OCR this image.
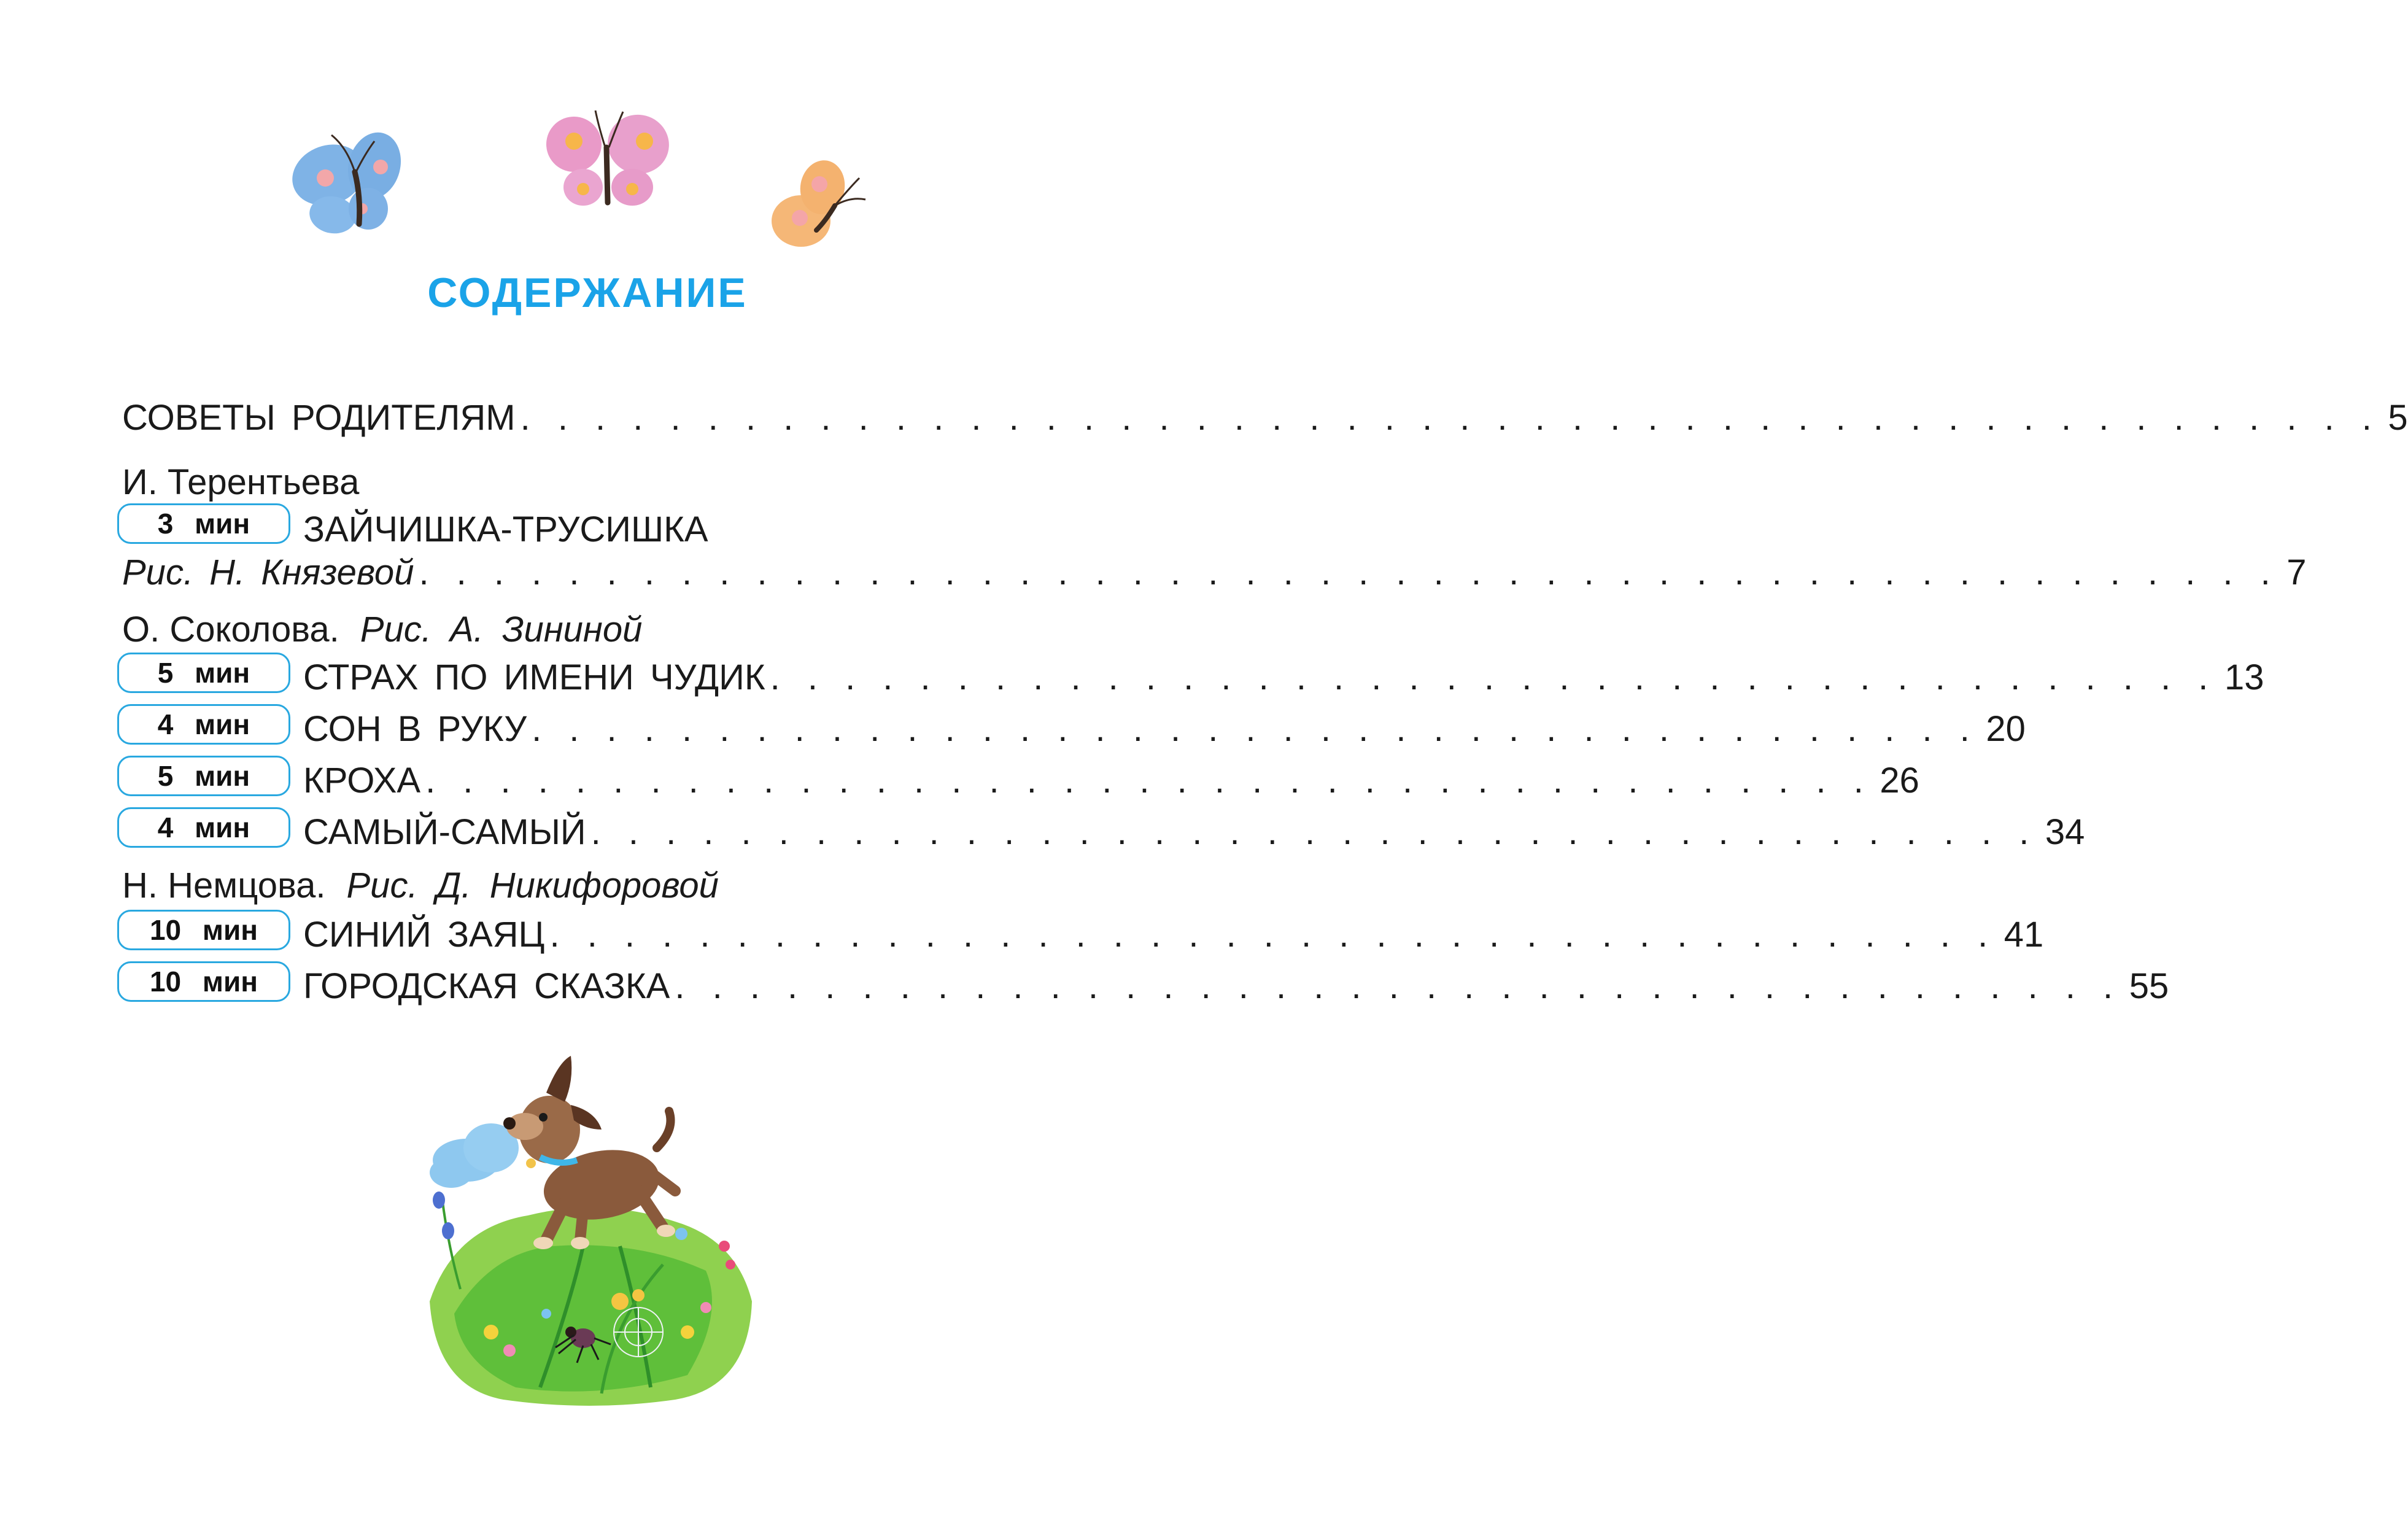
СОДЕРЖАНИЕ
СОВЕТЫ РОДИТЕЛЯМ . . . . . . . . . . . . . . . . . . . . . . . . . . . . . . . . . . . . . . . . . . . . . . . . . . 5
И. Терентьева
3 мин	ЗАЙЧИШКА-ТРУСИШКА
Рис. Н. Князевой . . . . . . . . . . . . . . . . . . . . . . . . . . . . . . . . . . . . . . . . . . . . . . . . . . 7
О. Соколова. Рис. А. Зининой
5 мин	СТРАХ ПО ИМЕНИ ЧУДИК . . . . . . . . . . . . . . . . . . . . . . . . . . . . . . . . . . . . . . . 13
4 мин	СОН В РУКУ . . . . . . . . . . . . . . . . . . . . . . . . . . . . . . . . . . . . . . . 20
5 мин	КРОХА . . . . . . . . . . . . . . . . . . . . . . . . . . . . . . . . . . . . . . . 26
4 мин	САМЫЙ-САМЫЙ . . . . . . . . . . . . . . . . . . . . . . . . . . . . . . . . . . . . . . . 34
Н. Немцова. Рис. Д. Никифоровой
10 мин	СИНИЙ ЗАЯЦ . . . . . . . . . . . . . . . . . . . . . . . . . . . . . . . . . . . . . . . 41
10 мин	ГОРОДСКАЯ СКАЗКА . . . . . . . . . . . . . . . . . . . . . . . . . . . . . . . . . . . . . . . 55
